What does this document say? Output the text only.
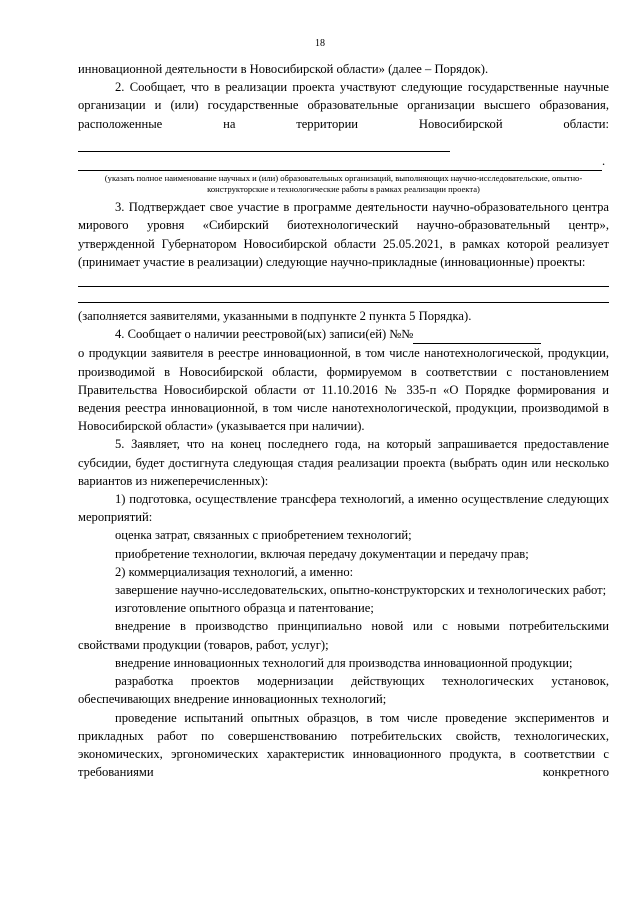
18

инновационной деятельности в Новосибирской области» (далее – Порядок).

2. Сообщает, что в реализации проекта участвуют следующие государственные научные организации и (или) государственные образовательные организации высшего образования, расположенные на территории Новосибирской области:

.

(указать полное наименование научных и (или) образовательных организаций, выполняющих научно-исследовательские, опытно-конструкторские и технологические работы в рамках реализации проекта)

3. Подтверждает свое участие в программе деятельности научно-образовательного центра мирового уровня «Сибирский биотехнологический научно-образовательный центр», утвержденной Губернатором Новосибирской области 25.05.2021, в рамках которой реализует (принимает участие в реализации) следующие научно-прикладные (инновационные) проекты:

(заполняется заявителями, указанными в подпункте 2 пункта 5 Порядка).

4. Сообщает о наличии реестровой(ых) записи(ей) №№

о продукции заявителя в реестре инновационной, в том числе нанотехнологической, продукции, производимой в Новосибирской области, формируемом в соответствии с постановлением Правительства Новосибирской области от 11.10.2016 № 335-п «О Порядке формирования и ведения реестра инновационной, в том числе нанотехнологической, продукции, производимой в Новосибирской области» (указывается при наличии).

5. Заявляет, что на конец последнего года, на который запрашивается предоставление субсидии, будет достигнута следующая стадия реализации проекта (выбрать один или несколько вариантов из нижеперечисленных):

1) подготовка, осуществление трансфера технологий, а именно осуществление следующих мероприятий:

оценка затрат, связанных с приобретением технологий;

приобретение технологии, включая передачу документации и передачу прав;

2) коммерциализация технологий, а именно:

завершение научно-исследовательских, опытно-конструкторских и технологических работ;

изготовление опытного образца и патентование;

внедрение в производство принципиально новой или с новыми потребительскими свойствами продукции (товаров, работ, услуг);

внедрение инновационных технологий для производства инновационной продукции;

разработка проектов модернизации действующих технологических установок, обеспечивающих внедрение инновационных технологий;

проведение испытаний опытных образцов, в том числе проведение экспериментов и прикладных работ по совершенствованию потребительских свойств, технологических, экономических, эргономических характеристик инновационного продукта, в соответствии с требованиями конкретного
